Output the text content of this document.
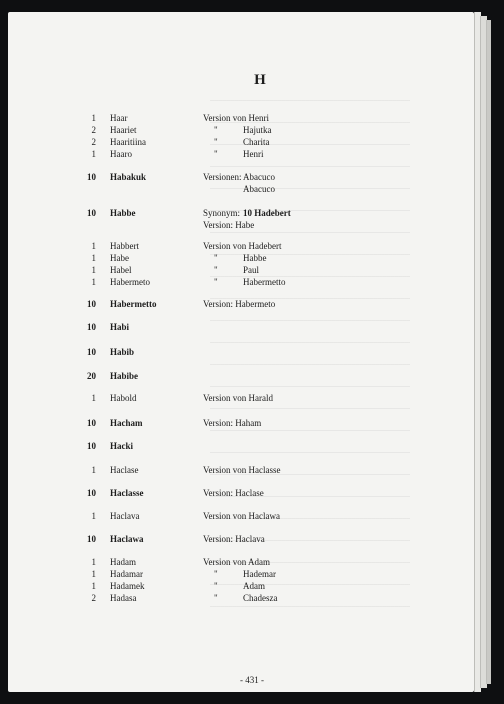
H
1 Haar	Version von Henri
2 Haariet	"	Hajutka
2 Haaritiina	"	Charita
1 Haaro	"	Henri
10 Habakuk	Versionen: Abacuco
Abacuco
10 Habbe	Synonym: 10 Hadebert
Version: Habe
1 Habbert	Version von Hadebert
1 Habe	"	Habbe
1 Habel	"	Paul
1 Habermeto	"	Habermetto
10 Habermetto	Version: Habermeto
10 Habi
10 Habib
20 Habibe
1 Habold	Version von Harald
10 Hacham	Version: Haham
10 Hacki
1 Haclase	Version von Haclasse
10 Haclasse	Version: Haclase
1 Haclava	Version von Haclawa
10 Haclawa	Version: Haclava
1 Hadam	Version von Adam
1 Hadamar	"	Hademar
1 Hadamek	"	Adam
2 Hadasa	"	Chadesza
- 431 -
